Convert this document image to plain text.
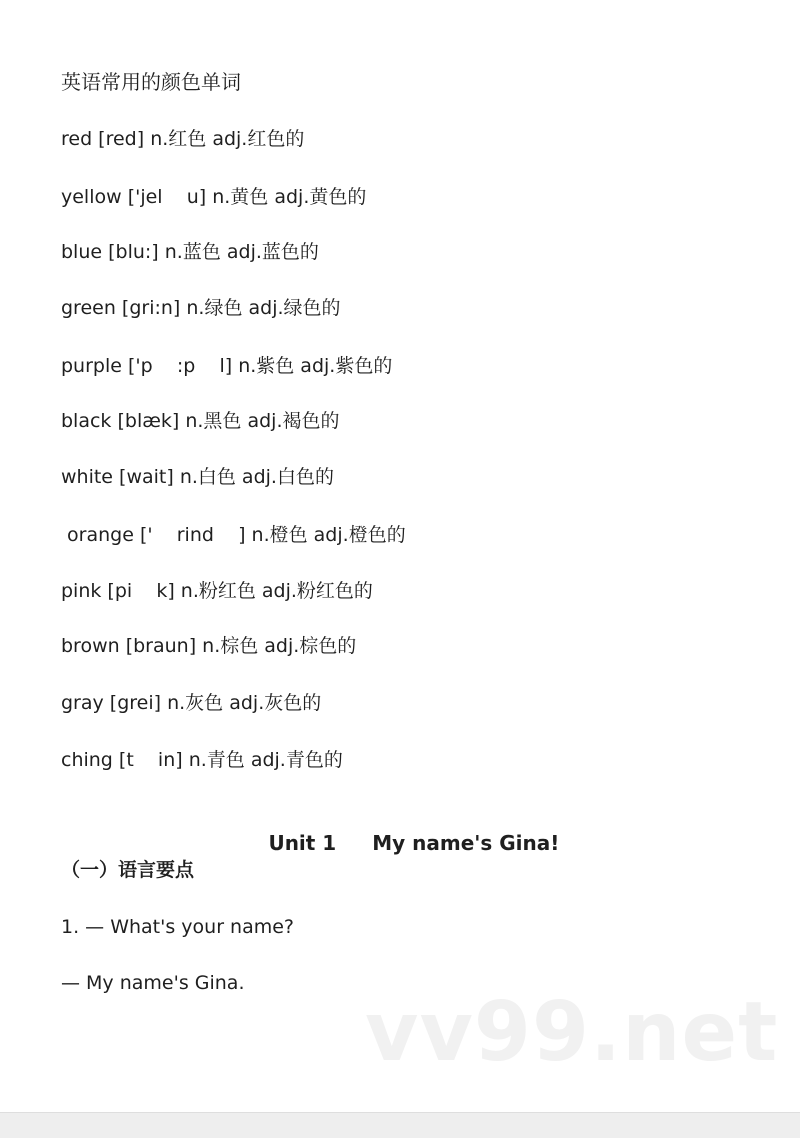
英语常用的颜色单词
red [red] n.红色 adj.红色的
yellow ['jel    u] n.黄色 adj.黄色的
blue [blu:] n.蓝色 adj.蓝色的
green [gri:n] n.绿色 adj.绿色的
purple ['p    :p    l] n.紫色 adj.紫色的
black [blæk] n.黑色 adj.褐色的
white [wait] n.白色 adj.白色的
orange ['    rind    ] n.橙色 adj.橙色的
pink [pi    k] n.粉红色 adj.粉红色的
brown [braun] n.棕色 adj.棕色的
gray [grei] n.灰色 adj.灰色的
ching [t    in] n.青色 adj.青色的

Unit 1 My name's Gina!

（一）语言要点
1. — What's your name?
— My name's Gina.
vv99.net
